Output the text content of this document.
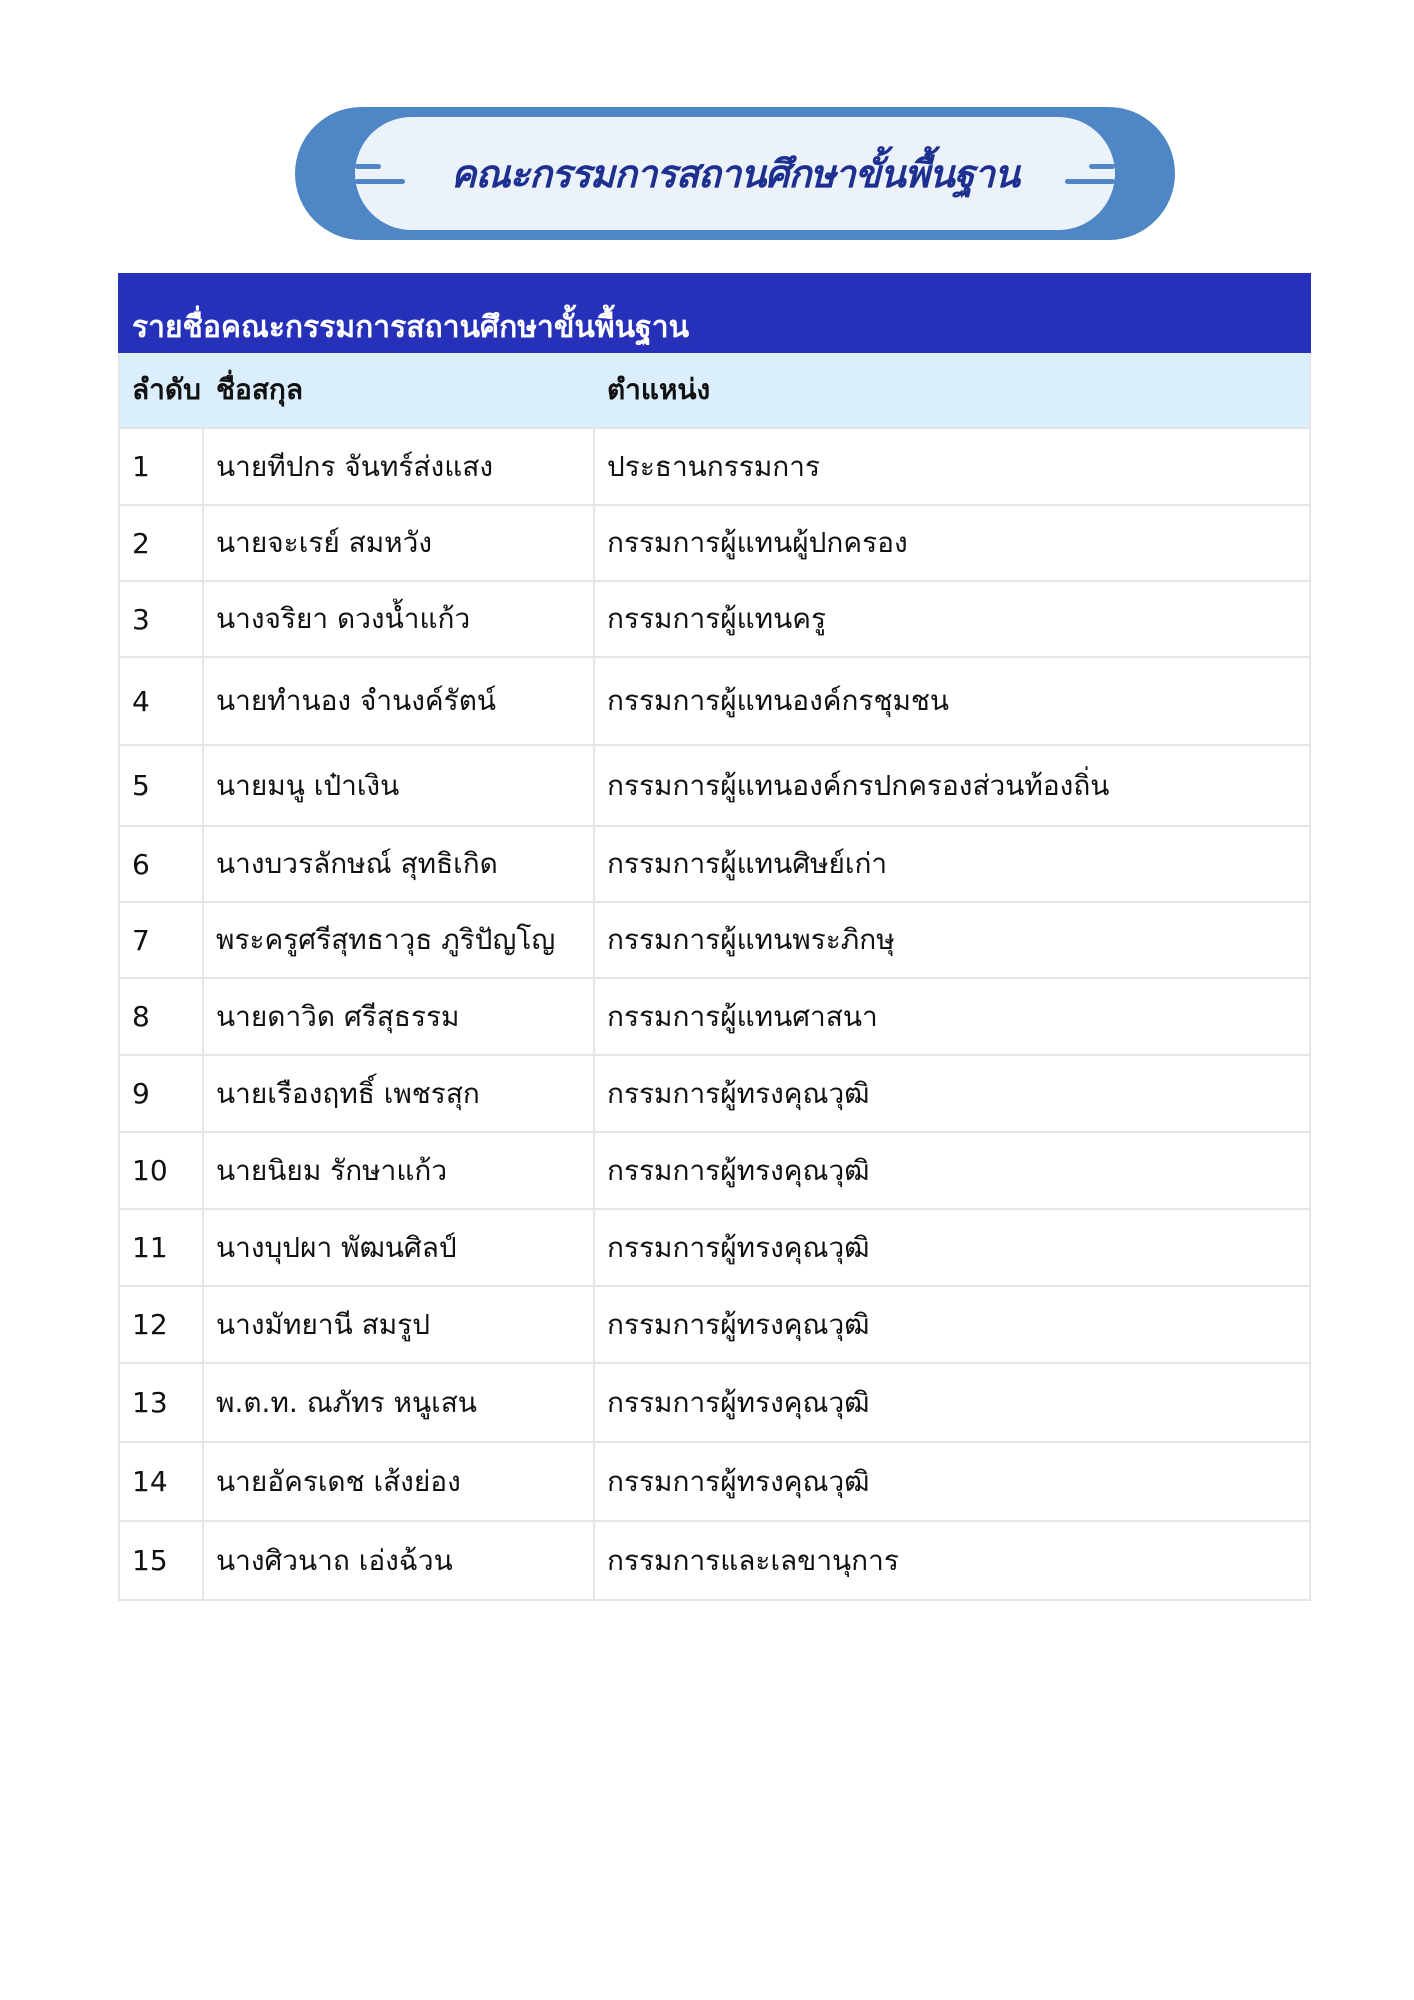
คณะกรรมการสถานศึกษาขั้นพื้นฐาน
รายชื่อคณะกรรมการสถานศึกษาขั้นพื้นฐาน		
ลำดับ	ชื่อสกุล	ตำแหน่ง
1	นายทีปกร จันทร์ส่งแสง	ประธานกรรมการ
2	นายจะเรย์ สมหวัง	กรรมการผู้แทนผู้ปกครอง
3	นางจริยา ดวงน้ำแก้ว	กรรมการผู้แทนครู
4	นายทำนอง จำนงค์รัตน์	กรรมการผู้แทนองค์กรชุมชน
5	นายมนู เป๋าเงิน	กรรมการผู้แทนองค์กรปกครองส่วนท้องถิ่น
6	นางบวรลักษณ์ สุทธิเกิด	กรรมการผู้แทนศิษย์เก่า
7	พระครูศรีสุทธาวุธ ภูริปัญโญ	กรรมการผู้แทนพระภิกษุ
8	นายดาวิด ศรีสุธรรม	กรรมการผู้แทนศาสนา
9	นายเรืองฤทธิ์ เพชรสุก	กรรมการผู้ทรงคุณวุฒิ
10	นายนิยม รักษาแก้ว	กรรมการผู้ทรงคุณวุฒิ
11	นางบุปผา พัฒนศิลป์	กรรมการผู้ทรงคุณวุฒิ
12	นางมัทยานี สมรูป	กรรมการผู้ทรงคุณวุฒิ
13	พ.ต.ท. ณภัทร หนูเสน	กรรมการผู้ทรงคุณวุฒิ
14	นายอัครเดช เส้งย่อง	กรรมการผู้ทรงคุณวุฒิ
15	นางศิวนาถ เอ่งฉ้วน	กรรมการและเลขานุการ
